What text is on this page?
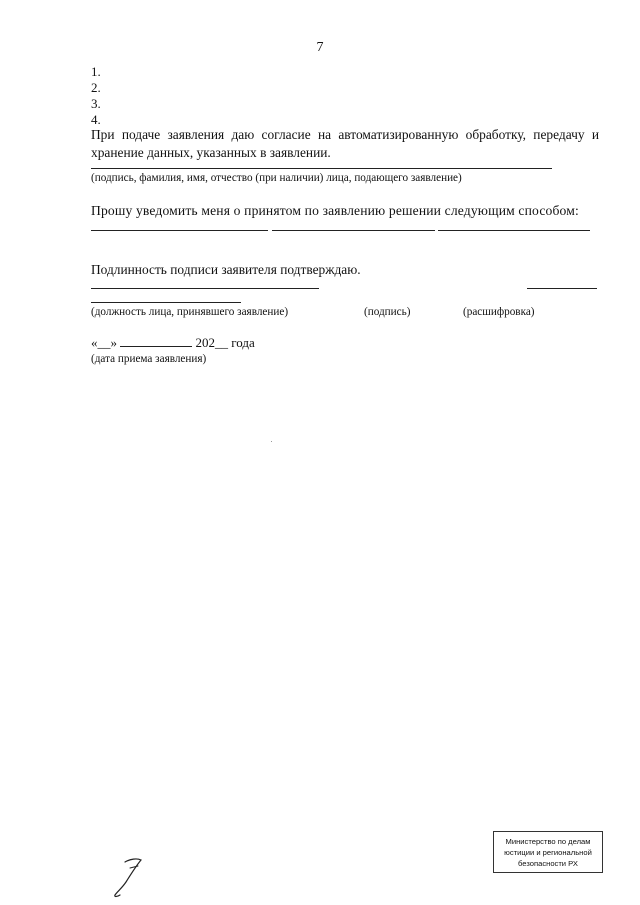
7
1.
2.
3.
4.
При подаче заявления даю согласие на автоматизированную обработку, передачу и хранение данных, указанных в заявлении.
(подпись, фамилия, имя, отчество (при наличии) лица, подающего заявление)
Прошу уведомить меня о принятом по заявлению решении следующим способом:
Подлинность подписи заявителя подтверждаю.
(должность лица, принявшего заявление)	(подпись)	(расшифровка)
«__»	202__ года
(дата приема заявления)
Министерство по делам
юстиции и региональной
безопасности РХ
